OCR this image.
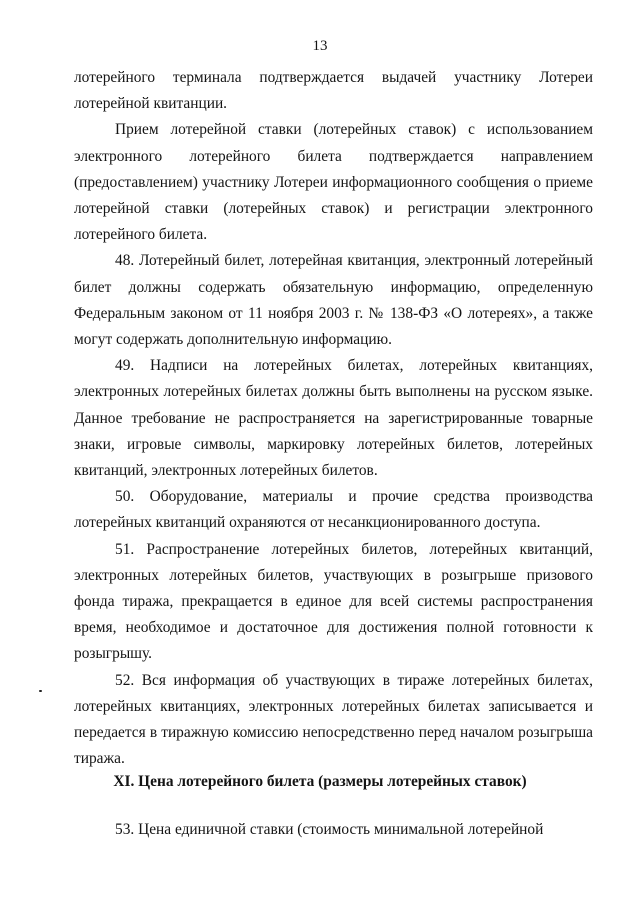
13

лотерейного терминала подтверждается выдачей участнику Лотереи лотерейной квитанции.

Прием лотерейной ставки (лотерейных ставок) с использованием электронного лотерейного билета подтверждается направлением (предоставлением) участнику Лотереи информационного сообщения о приеме лотерейной ставки (лотерейных ставок) и регистрации электронного лотерейного билета.

48. Лотерейный билет, лотерейная квитанция, электронный лотерейный билет должны содержать обязательную информацию, определенную Федеральным законом от 11 ноября 2003 г. № 138-ФЗ «О лотереях», а также могут содержать дополнительную информацию.

49. Надписи на лотерейных билетах, лотерейных квитанциях, электронных лотерейных билетах должны быть выполнены на русском языке. Данное требование не распространяется на зарегистрированные товарные знаки, игровые символы, маркировку лотерейных билетов, лотерейных квитанций, электронных лотерейных билетов.

50. Оборудование, материалы и прочие средства производства лотерейных квитанций охраняются от несанкционированного доступа.

51. Распространение лотерейных билетов, лотерейных квитанций, электронных лотерейных билетов, участвующих в розыгрыше призового фонда тиража, прекращается в единое для всей системы распространения время, необходимое и достаточное для достижения полной готовности к розыгрышу.

52. Вся информация об участвующих в тираже лотерейных билетах, лотерейных квитанциях, электронных лотерейных билетах записывается и передается в тиражную комиссию непосредственно перед началом розыгрыша тиража.

XI. Цена лотерейного билета (размеры лотерейных ставок)

53. Цена единичной ставки (стоимость минимальной лотерейной
